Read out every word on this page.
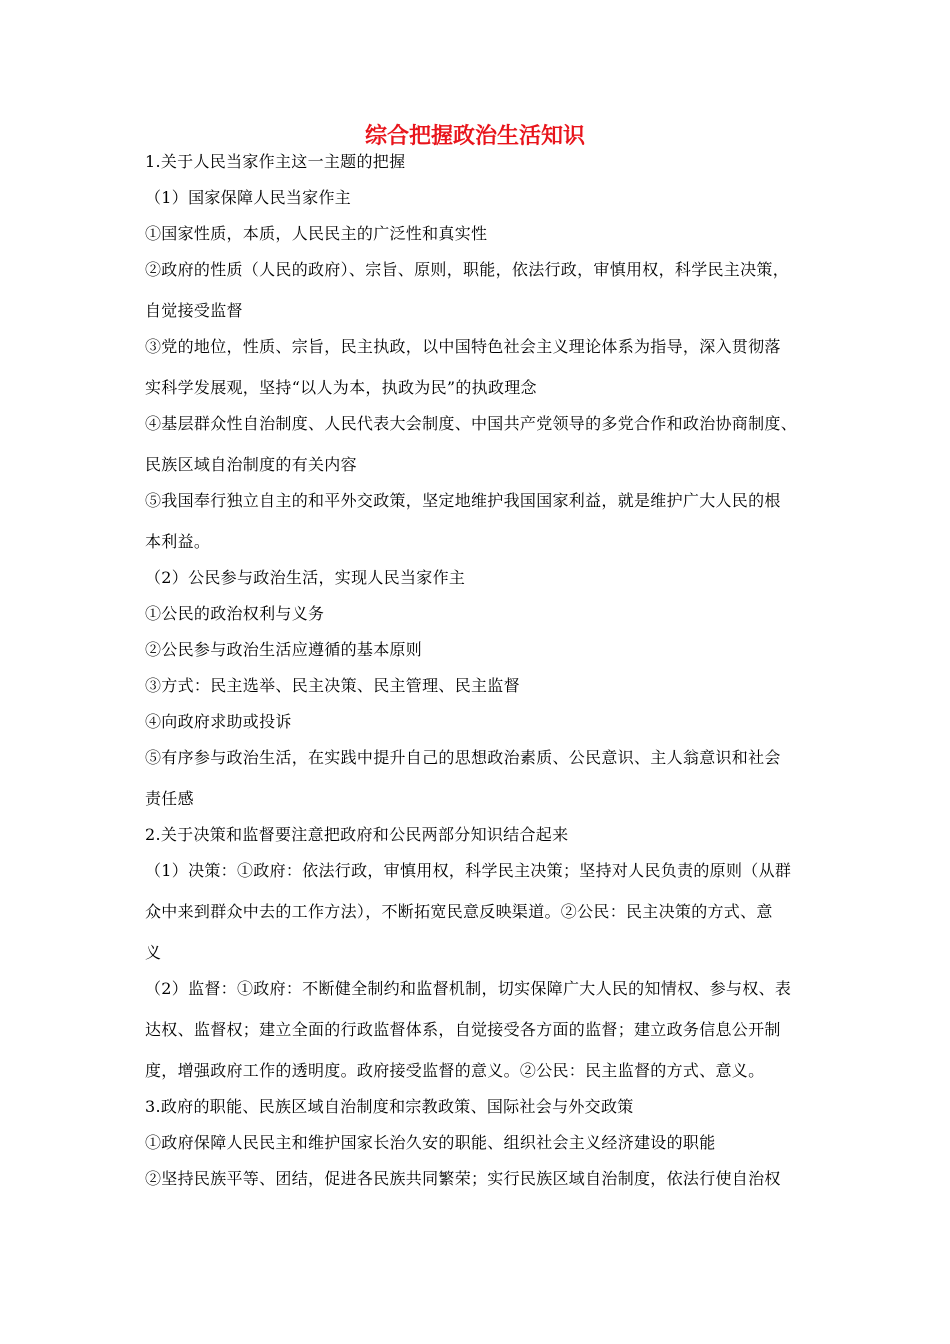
综合把握政治生活知识
1.关于人民当家作主这一主题的把握
（1）国家保障人民当家作主
①国家性质，本质，人民民主的广泛性和真实性
②政府的性质（人民的政府）、宗旨、原则，职能，依法行政，审慎用权，科学民主决策，
自觉接受监督
③党的地位，性质、宗旨，民主执政，以中国特色社会主义理论体系为指导，深入贯彻落
实科学发展观，坚持“以人为本，执政为民”的执政理念
④基层群众性自治制度、人民代表大会制度、中国共产党领导的多党合作和政治协商制度、
民族区域自治制度的有关内容
⑤我国奉行独立自主的和平外交政策，坚定地维护我国国家利益，就是维护广大人民的根
本利益。
（2）公民参与政治生活，实现人民当家作主
①公民的政治权利与义务
②公民参与政治生活应遵循的基本原则
③方式：民主选举、民主决策、民主管理、民主监督
④向政府求助或投诉
⑤有序参与政治生活，在实践中提升自己的思想政治素质、公民意识、主人翁意识和社会
责任感
2.关于决策和监督要注意把政府和公民两部分知识结合起来
（1）决策：①政府：依法行政，审慎用权，科学民主决策；坚持对人民负责的原则（从群
众中来到群众中去的工作方法），不断拓宽民意反映渠道。②公民：民主决策的方式、意
义
（2）监督：①政府：不断健全制约和监督机制，切实保障广大人民的知情权、参与权、表
达权、监督权；建立全面的行政监督体系，自觉接受各方面的监督；建立政务信息公开制
度，增强政府工作的透明度。政府接受监督的意义。②公民：民主监督的方式、意义。
3.政府的职能、民族区域自治制度和宗教政策、国际社会与外交政策
①政府保障人民民主和维护国家长治久安的职能、组织社会主义经济建设的职能
②坚持民族平等、团结，促进各民族共同繁荣；实行民族区域自治制度，依法行使自治权
